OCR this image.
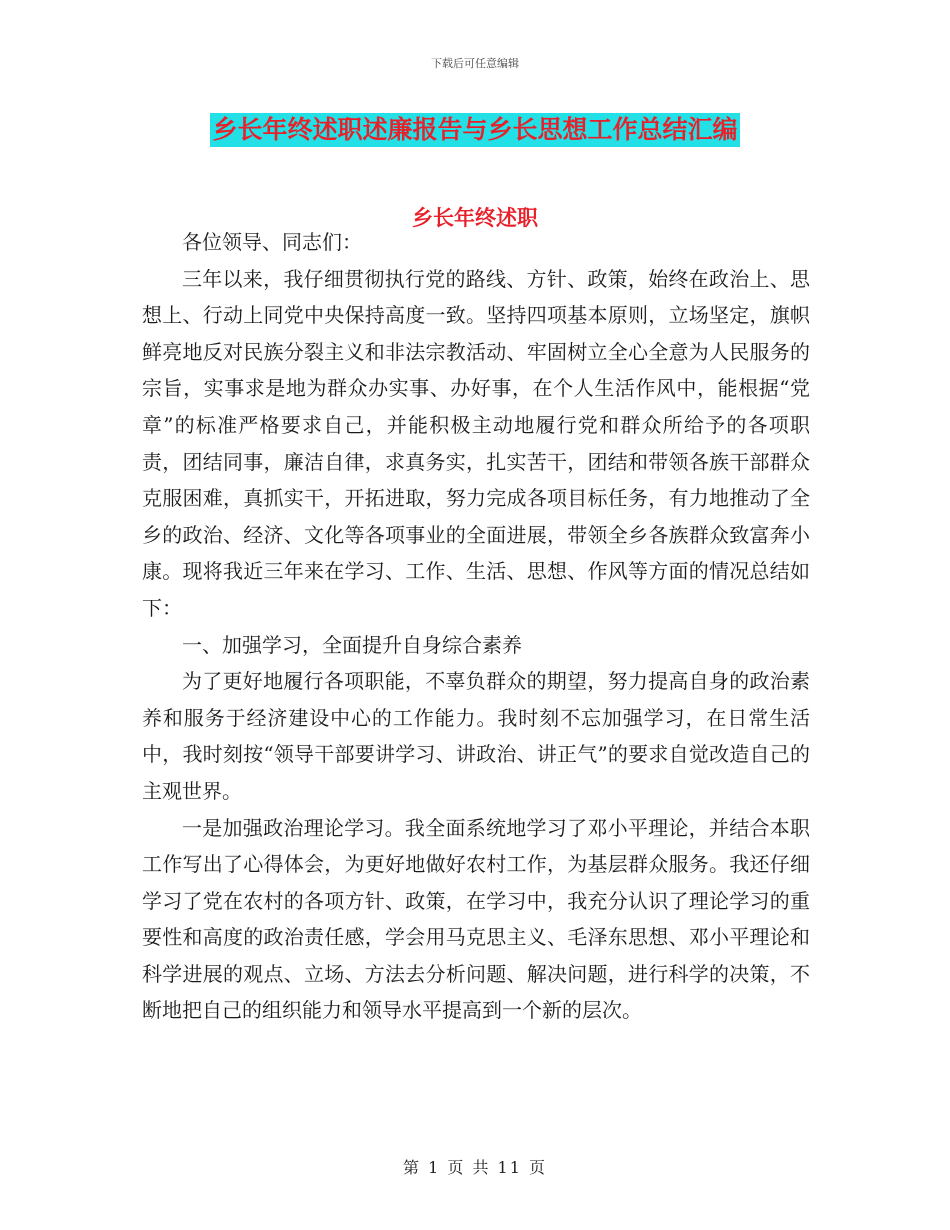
下载后可任意编辑
乡长年终述职述廉报告与乡长思想工作总结汇编
乡长年终述职

各位领导、同志们：

三年以来，我仔细贯彻执行党的路线、方针、政策，始终在政治上、思想上、行动上同党中央保持高度一致。坚持四项基本原则，立场坚定，旗帜鲜亮地反对民族分裂主义和非法宗教活动、牢固树立全心全意为人民服务的宗旨，实事求是地为群众办实事、办好事，在个人生活作风中，能根据“党章”的标准严格要求自己，并能积极主动地履行党和群众所给予的各项职责，团结同事，廉洁自律，求真务实，扎实苦干，团结和带领各族干部群众克服困难，真抓实干，开拓进取，努力完成各项目标任务，有力地推动了全乡的政治、经济、文化等各项事业的全面进展，带领全乡各族群众致富奔小康。现将我近三年来在学习、工作、生活、思想、作风等方面的情况总结如下：

一、加强学习，全面提升自身综合素养

为了更好地履行各项职能，不辜负群众的期望，努力提高自身的政治素养和服务于经济建设中心的工作能力。我时刻不忘加强学习，在日常生活中，我时刻按“领导干部要讲学习、讲政治、讲正气”的要求自觉改造自己的主观世界。

一是加强政治理论学习。我全面系统地学习了邓小平理论，并结合本职工作写出了心得体会，为更好地做好农村工作，为基层群众服务。我还仔细学习了党在农村的各项方针、政策，在学习中，我充分认识了理论学习的重要性和高度的政治责任感，学会用马克思主义、毛泽东思想、邓小平理论和科学进展的观点、立场、方法去分析问题、解决问题，进行科学的决策，不断地把自己的组织能力和领导水平提高到一个新的层次。

第 1 页 共 11 页
